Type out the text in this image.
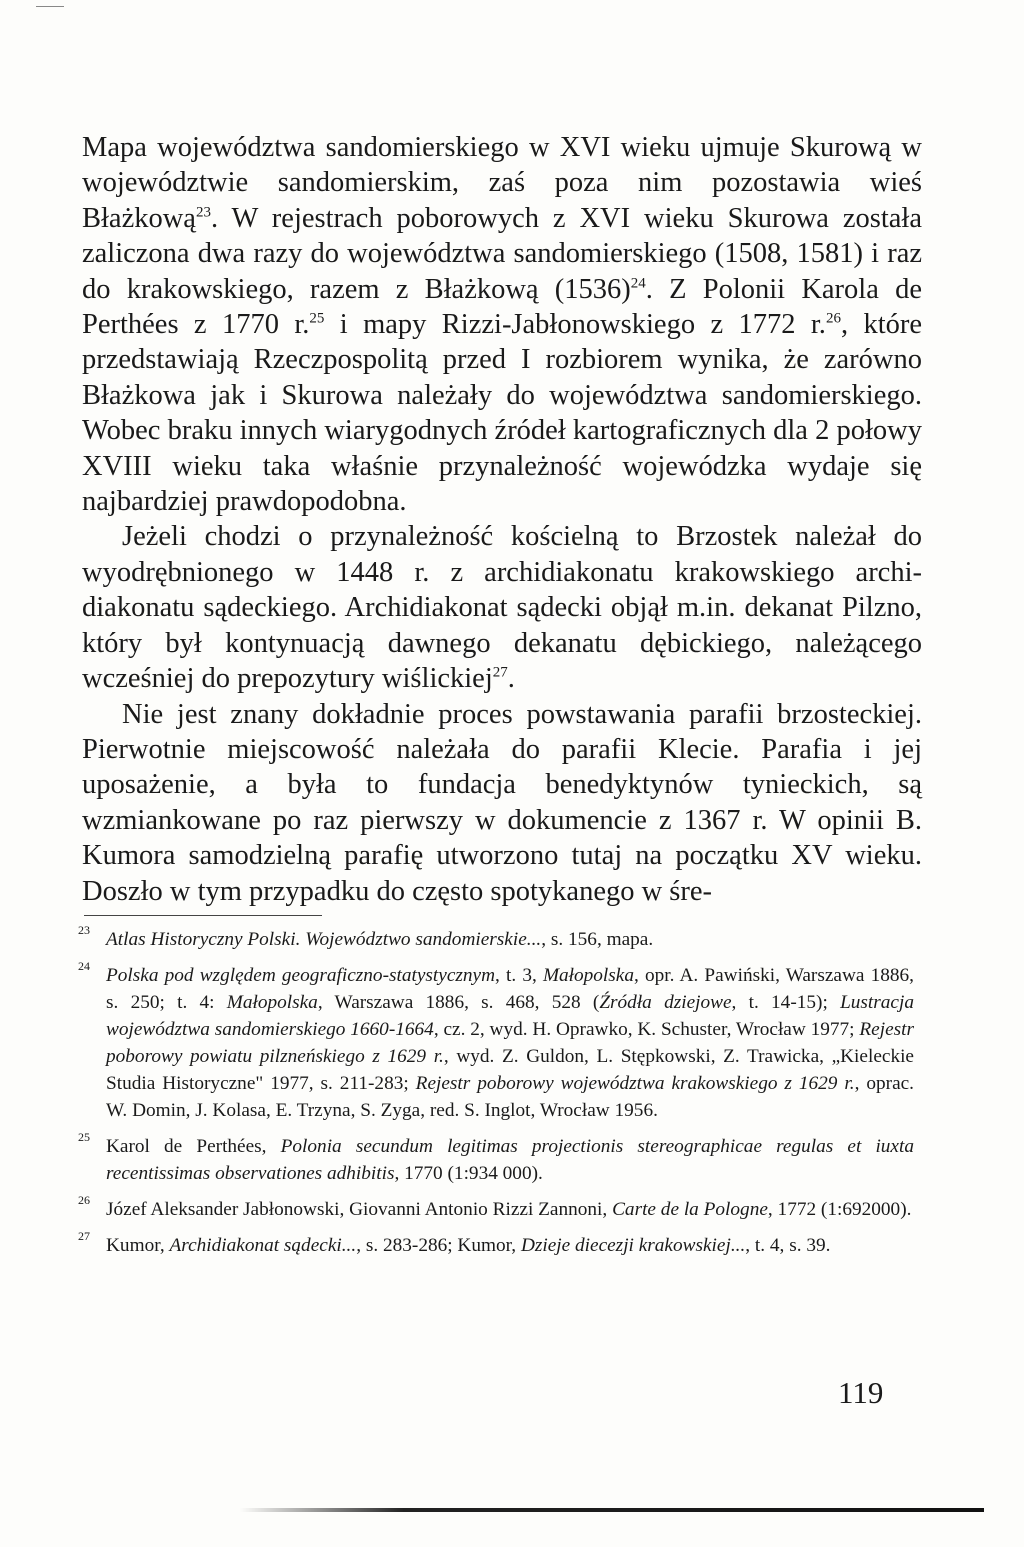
Mapa województwa sandomierskiego w XVI wieku ujmuje Skurową w województwie sandomierskim, zaś poza nim pozostawia wieś Błażkową$^{23}$. W rejestrach poborowych z XVI wieku Skurowa została zaliczona dwa razy do województwa sandomierskiego (1508, 1581) i raz do krakowskiego, razem z Błażkową (1536)$^{24}$. Z Polonii Karola de Perthées z 1770 r.$^{25}$ i mapy Rizzi-Jabłonowskiego z 1772 r.$^{26}$, które przedstawiają Rzeczpospolitą przed I rozbiorem wynika, że zarówno Błażkowa jak i Skurowa należały do województwa sandomierskiego. Wobec braku innych wiarygodnych źródeł kartograficznych dla 2 połowy XVIII wieku taka właśnie przynależność wojewódzka wydaje się najbardziej prawdopodobna.

Jeżeli chodzi o przynależność kościelną to Brzostek należał do wyodrębnionego w 1448 r. z archidiakonatu krakowskiego archidiakonatu sądeckiego. Archidiakonat sądecki objął m.in. dekanat Pilzno, który był kontynuacją dawnego dekanatu dębickiego, należącego wcześniej do prepozytury wiślickiej$^{27}$.

Nie jest znany dokładnie proces powstawania parafii brzosteckiej. Pierwotnie miejscowość należała do parafii Klecie. Parafia i jej uposażenie, a była to fundacja benedyktynów tynieckich, są wzmiankowane po raz pierwszy w dokumencie z 1367 r. W opinii B. Kumora samodzielną parafię utworzono tutaj na początku XV wieku. Doszło w tym przypadku do często spotykanego w śre-

23 Atlas Historyczny Polski. Województwo sandomierskie..., s. 156, mapa.
24 Polska pod względem geograficzno-statystycznym, t. 3, Małopolska, opr. A. Pawiński, Warszawa 1886, s. 250; t. 4: Małopolska, Warszawa 1886, s. 468, 528 (Źródła dziejowe, t. 14-15); Lustracja województwa sandomierskiego 1660-1664, cz. 2, wyd. H. Oprawko, K. Schuster, Wrocław 1977; Rejestr poborowy powiatu pilzneńskiego z 1629 r., wyd. Z. Guldon, L. Stępkowski, Z. Trawicka, „Kieleckie Studia Historyczne" 1977, s. 211-283; Rejestr poborowy województwa krakowskiego z 1629 r., oprac. W. Domin, J. Kolasa, E. Trzyna, S. Zyga, red. S. Inglot, Wrocław 1956.
25 Karol de Perthées, Polonia secundum legitimas projectionis stereographicae regulas et iuxta recentissimas observationes adhibitis, 1770 (1:934 000).
26 Józef Aleksander Jabłonowski, Giovanni Antonio Rizzi Zannoni, Carte de la Pologne, 1772 (1:692000).
27 Kumor, Archidiakonat sądecki..., s. 283-286; Kumor, Dzieje diecezji krakowskiej..., t. 4, s. 39.
119
